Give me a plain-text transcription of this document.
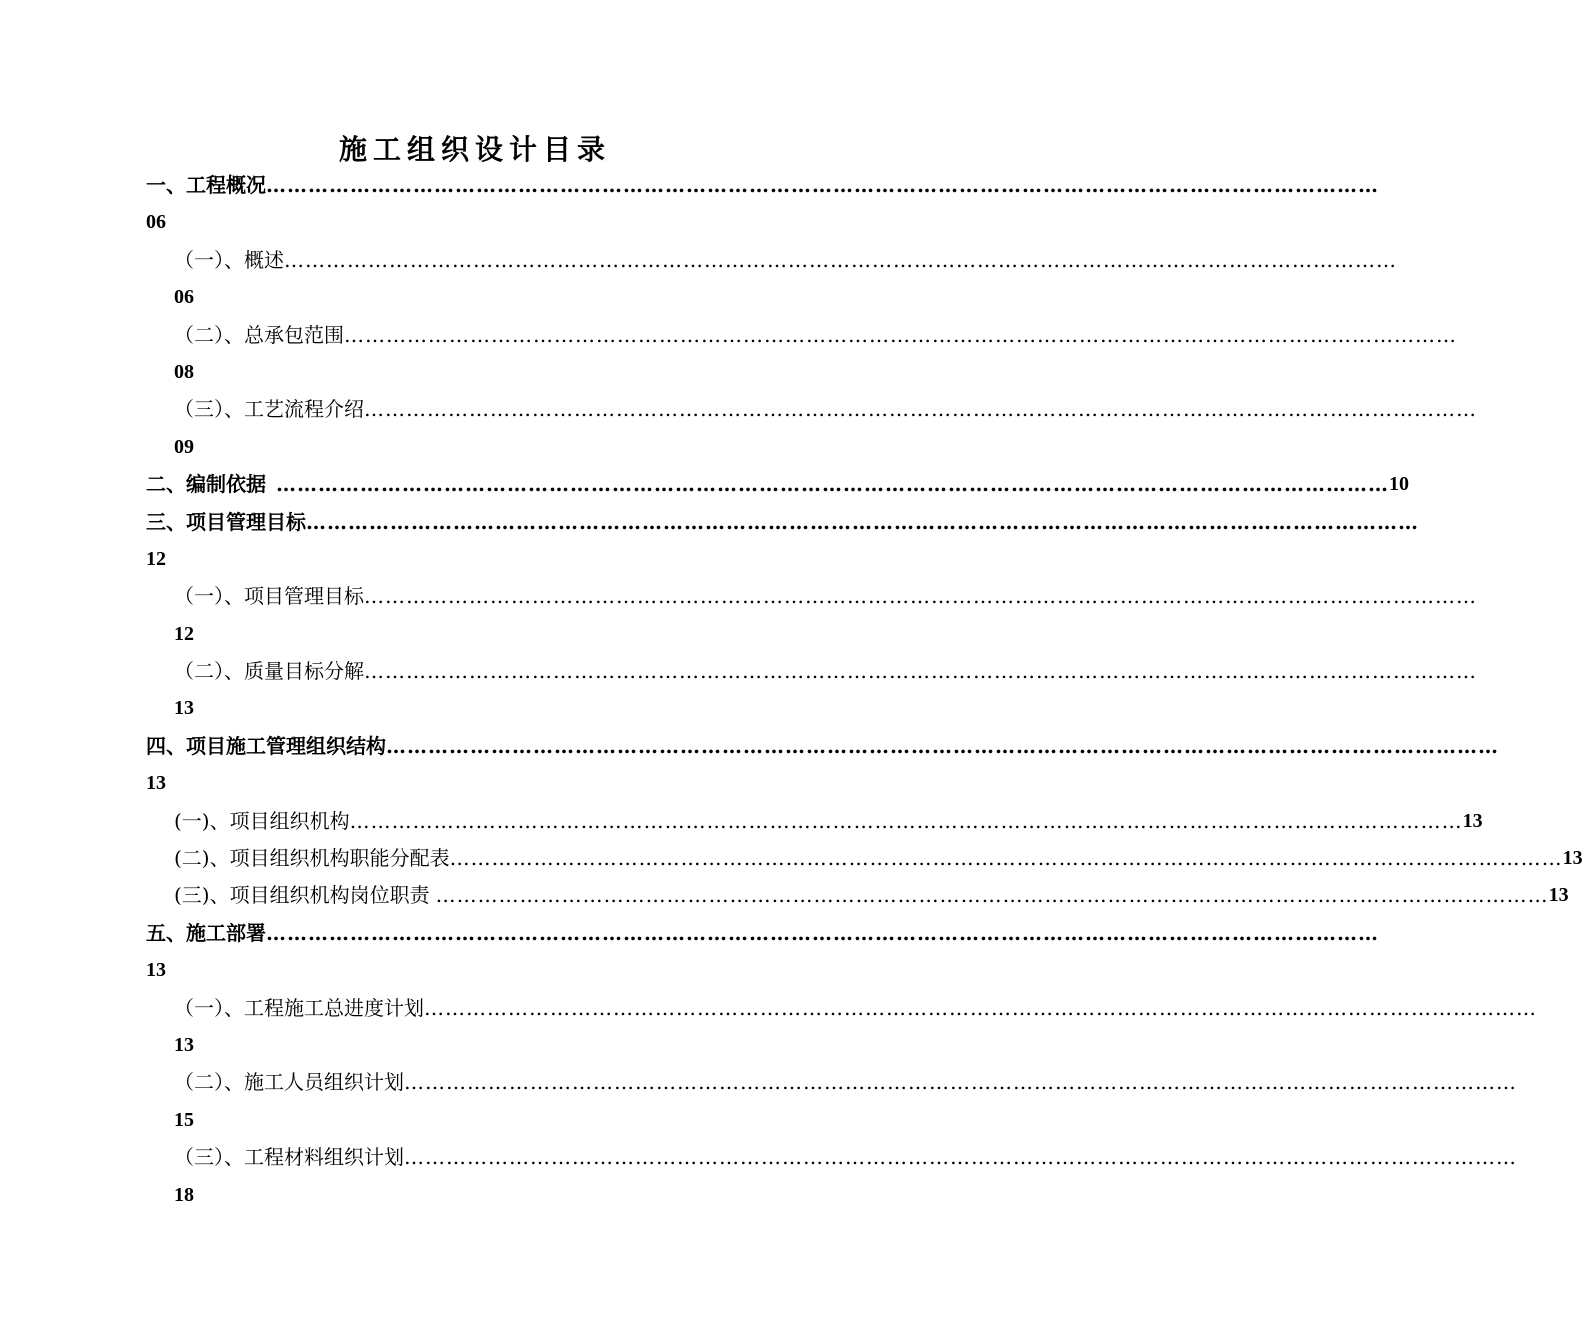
施工组织设计目录
一、工程概况 ……………………………………………………………………………………………………………………………………………
06
（一）、概述 ……………………………………………………………………………………………………………………………………………
06
（二）、总承包范围 ……………………………………………………………………………………………………………………………………………
08
（三）、工艺流程介绍 ……………………………………………………………………………………………………………………………………………
09
二、编制依据 …………………………………………………………………………………………………………………………………………… 10
三、项目管理目标 ……………………………………………………………………………………………………………………………………………
12
（一）、项目管理目标 ……………………………………………………………………………………………………………………………………………
12
（二）、质量目标分解 ……………………………………………………………………………………………………………………………………………
13
四、项目施工管理组织结构 ……………………………………………………………………………………………………………………………………………
13
(一)、项目组织机构 …………………………………………………………………………………………………………………………………………… 13
(二)、项目组织机构职能分配表 …………………………………………………………………………………………………………………………………………… 13
(三)、项目组织机构岗位职责 …………………………………………………………………………………………………………………………………………… 13
五、施工部署 ……………………………………………………………………………………………………………………………………………
13
（一）、工程施工总进度计划 ……………………………………………………………………………………………………………………………………………
13
（二）、施工人员组织计划 ……………………………………………………………………………………………………………………………………………
15
（三）、工程材料组织计划 ……………………………………………………………………………………………………………………………………………
18
